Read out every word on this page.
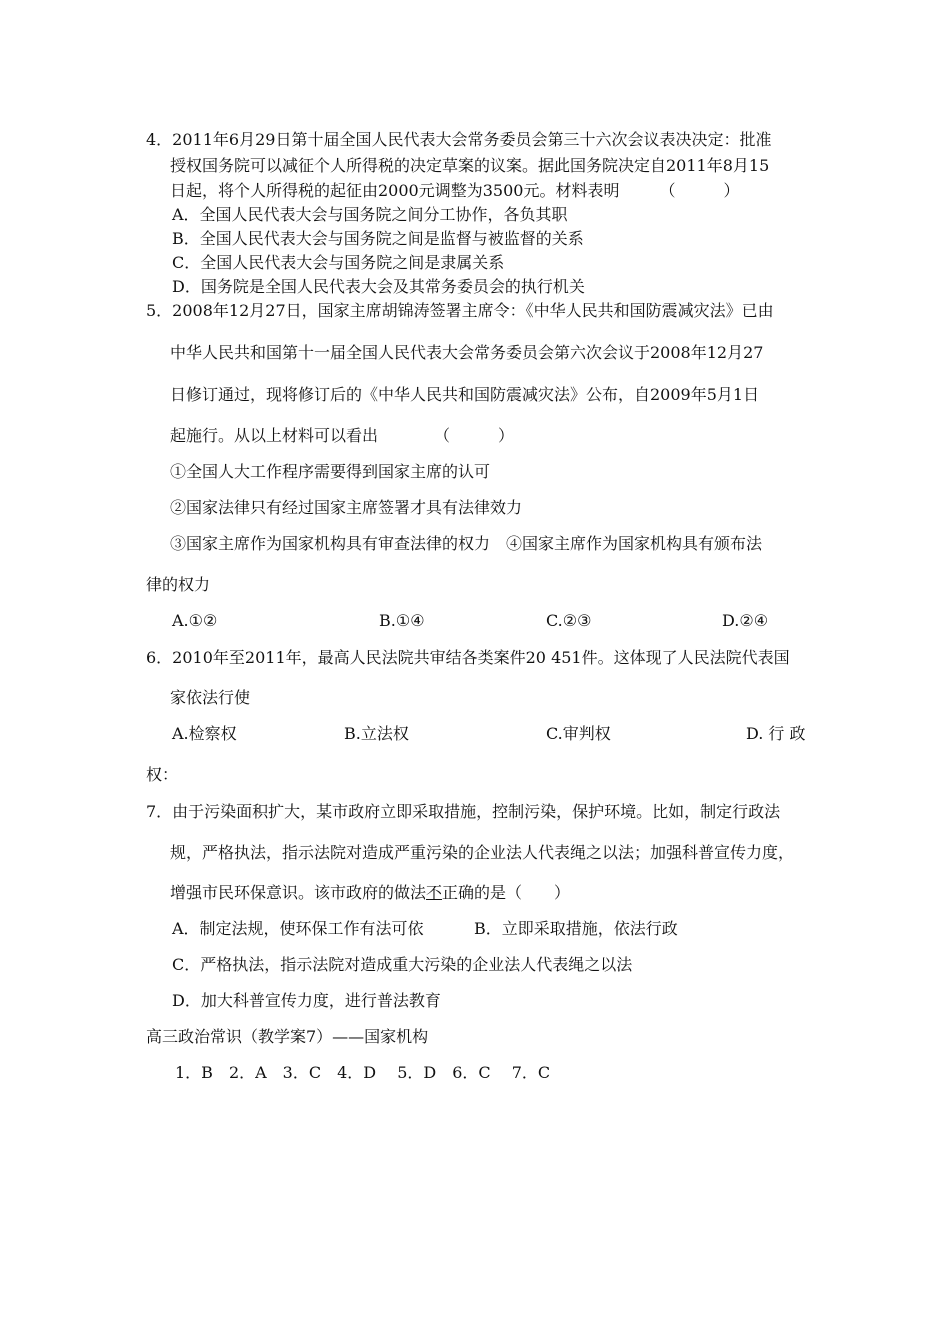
4．2011年6月29日第十届全国人民代表大会常务委员会第三十六次会议表决决定：批准
授权国务院可以减征个人所得税的决定草案的议案。据此国务院决定自2011年8月15
日起，将个人所得税的起征由2000元调整为3500元。材料表明　　　（　　　）
A．全国人民代表大会与国务院之间分工协作，各负其职
B．全国人民代表大会与国务院之间是监督与被监督的关系
C．全国人民代表大会与国务院之间是隶属关系
D．国务院是全国人民代表大会及其常务委员会的执行机关
5．2008年12月27日，国家主席胡锦涛签署主席令：《中华人民共和国防震减灾法》已由
中华人民共和国第十一届全国人民代表大会常务委员会第六次会议于2008年12月27
日修订通过，现将修订后的《中华人民共和国防震减灾法》公布，自2009年5月1日
起施行。从以上材料可以看出　　　　（　　　）
①全国人大工作程序需要得到国家主席的认可
②国家法律只有经过国家主席签署才具有法律效力
③国家主席作为国家机构具有审查法律的权力　④国家主席作为国家机构具有颁布法
律的权力
A.①②	B.①④	C.②③	D.②④
6．2010年至2011年，最高人民法院共审结各类案件20 451件。这体现了人民法院代表国
家依法行使
A.检察权	B.立法权	C.审判权	D. 行 政
权：
7．由于污染面积扩大，某市政府立即采取措施，控制污染，保护环境。比如，制定行政法
规，严格执法，指示法院对造成严重污染的企业法人代表绳之以法；加强科普宣传力度，
增强市民环保意识。该市政府的做法不正确的是（　　）
A．制定法规，使环保工作有法可依	B．立即采取措施，依法行政
C．严格执法，指示法院对造成重大污染的企业法人代表绳之以法
D．加大科普宣传力度，进行普法教育
高三政治常识（教学案7）——国家机构
1．B　2．A　3．C　4．D　 5．D　6．C　 7．C
